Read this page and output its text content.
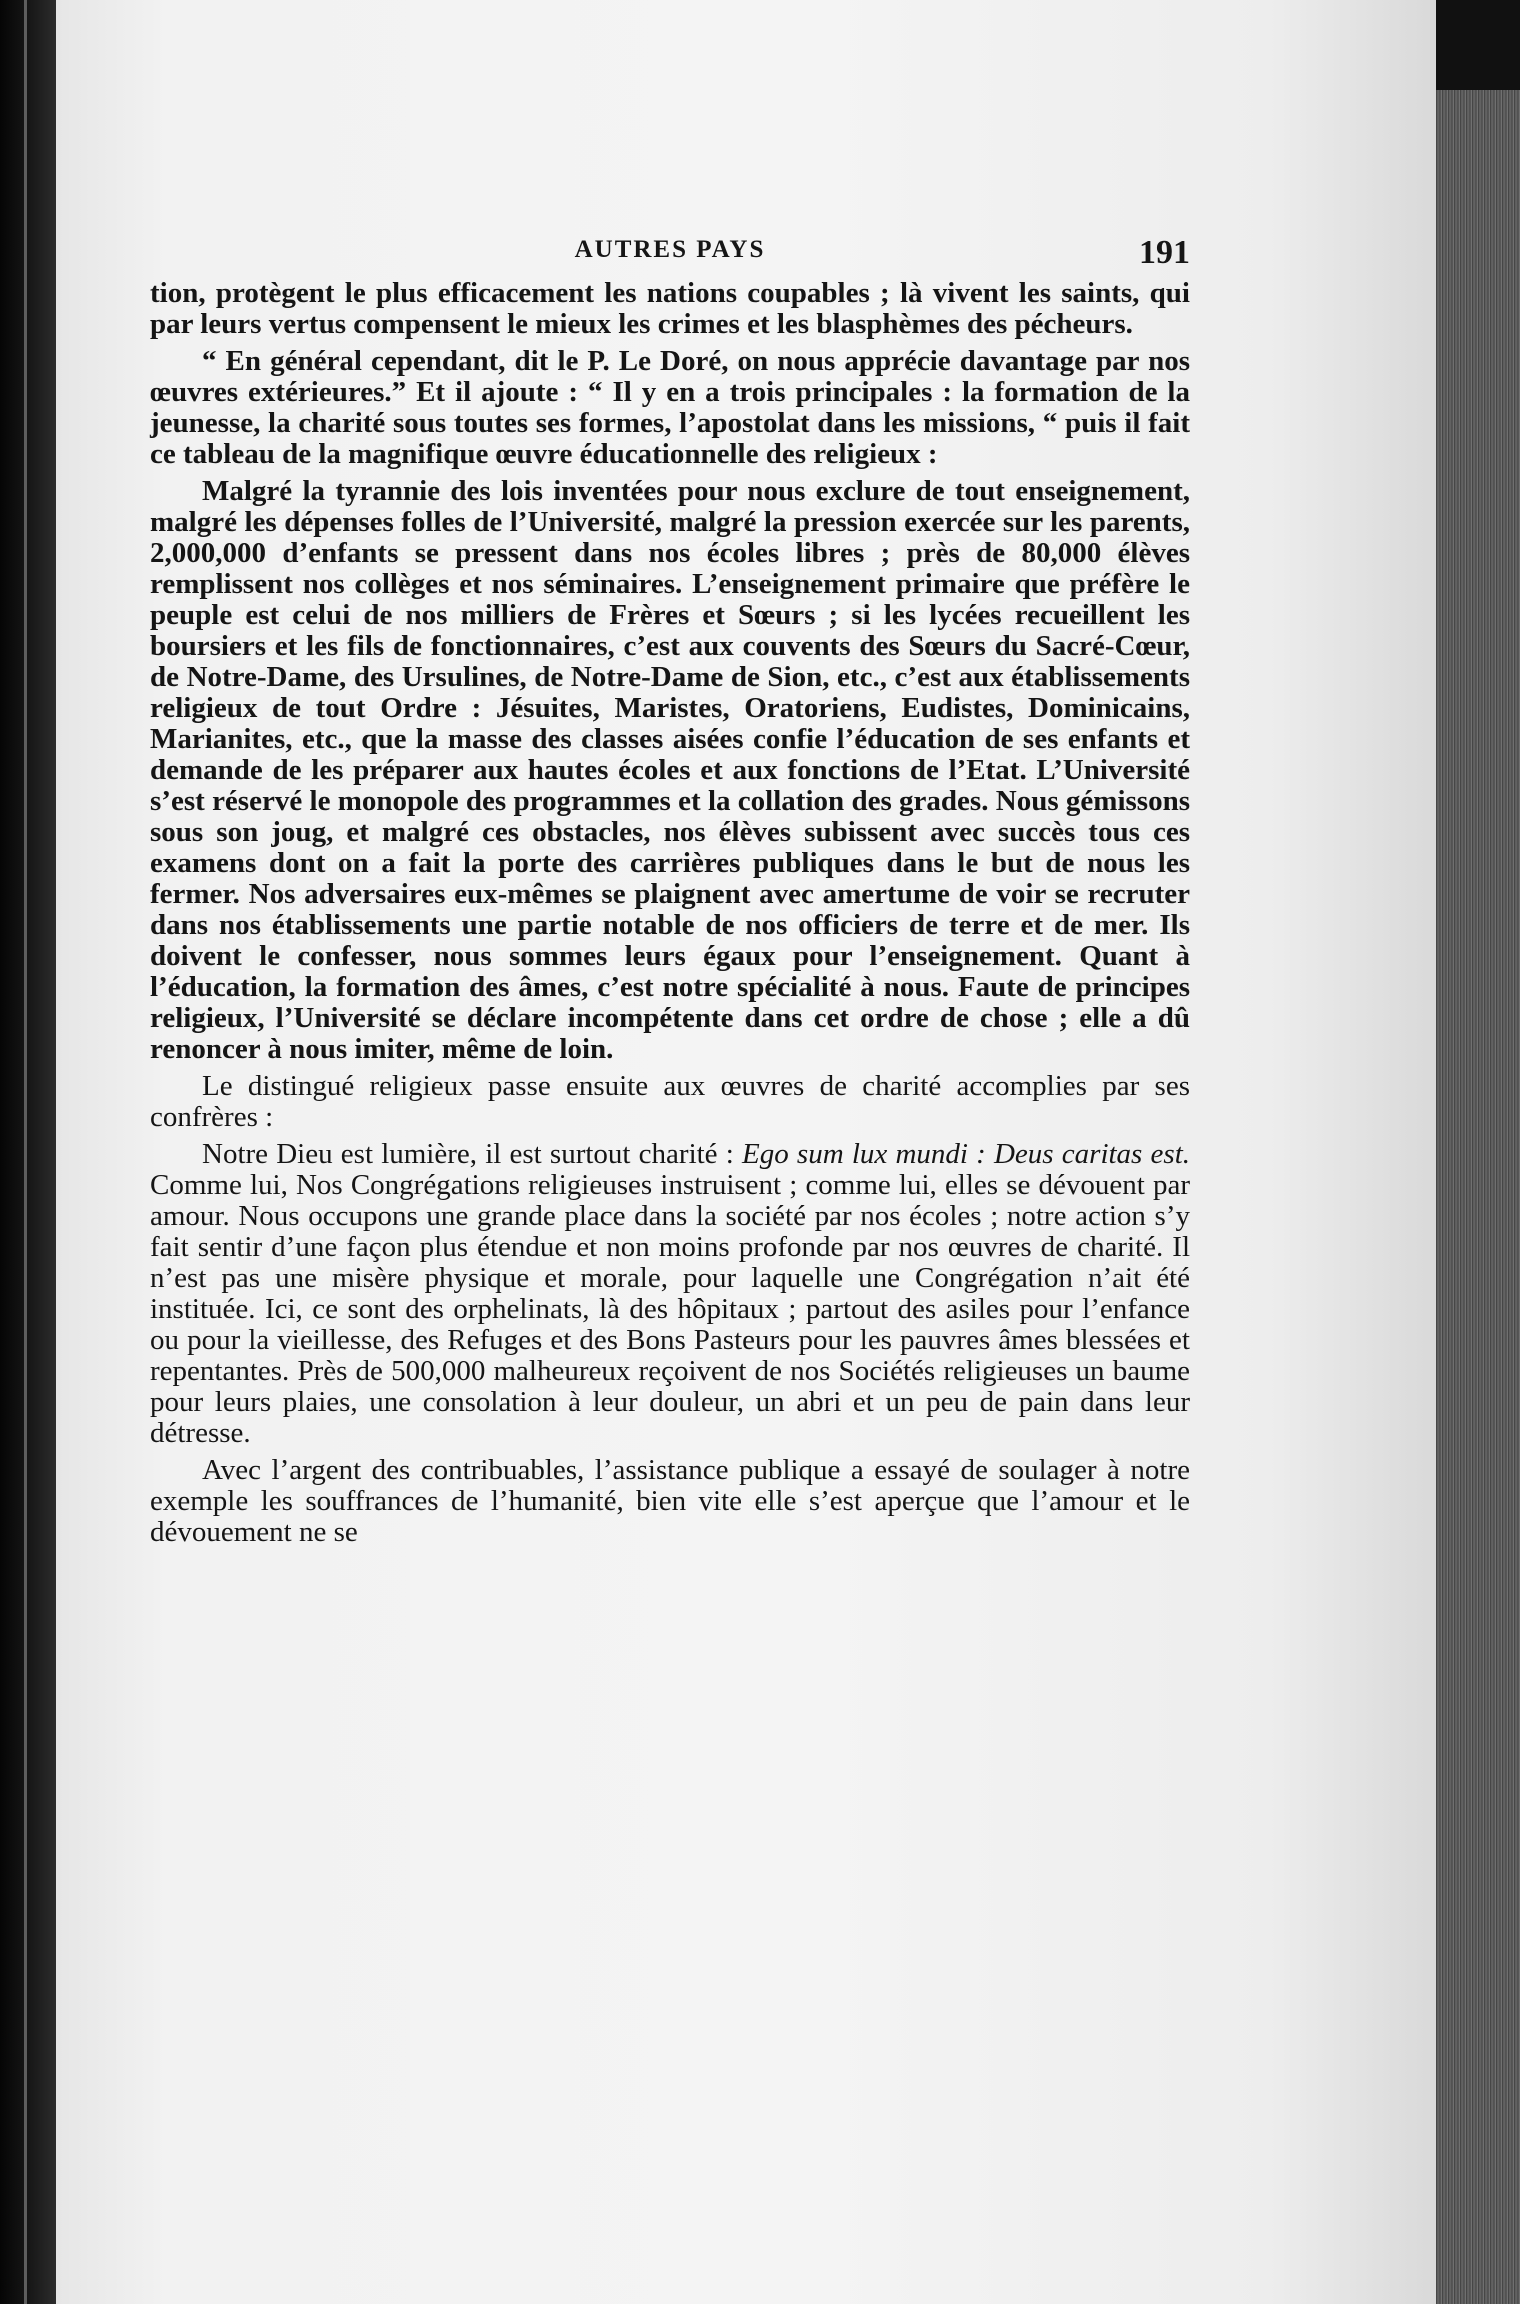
AUTRES PAYS	191

tion, protègent le plus efficacement les nations coupables ; là vivent les saints, qui par leurs vertus compensent le mieux les crimes et les blasphèmes des pécheurs.

“ En général cependant, dit le P. Le Doré, on nous apprécie davantage par nos œuvres extérieures.” Et il ajoute : “ Il y en a trois principales : la formation de la jeunesse, la charité sous toutes ses formes, l’apostolat dans les missions, “ puis il fait ce tableau de la magnifique œuvre éducationnelle des religieux :

Malgré la tyrannie des lois inventées pour nous exclure de tout enseignement, malgré les dépenses folles de l’Université, malgré la pression exercée sur les parents, 2,000,000 d’enfants se pressent dans nos écoles libres ; près de 80,000 élèves remplissent nos collèges et nos séminaires. L’enseignement primaire que préfère le peuple est celui de nos milliers de Frères et Sœurs ; si les lycées recueillent les boursiers et les fils de fonctionnaires, c’est aux couvents des Sœurs du Sacré-Cœur, de Notre-Dame, des Ursulines, de Notre-Dame de Sion, etc., c’est aux établissements religieux de tout Ordre : Jésuites, Maristes, Oratoriens, Eudistes, Dominicains, Marianites, etc., que la masse des classes aisées confie l’éducation de ses enfants et demande de les préparer aux hautes écoles et aux fonctions de l’Etat. L’Université s’est réservé le monopole des programmes et la collation des grades. Nous gémissons sous son joug, et malgré ces obstacles, nos élèves subissent avec succès tous ces examens dont on a fait la porte des carrières publiques dans le but de nous les fermer. Nos adversaires eux-mêmes se plaignent avec amertume de voir se recruter dans nos établissements une partie notable de nos officiers de terre et de mer. Ils doivent le confesser, nous sommes leurs égaux pour l’enseignement. Quant à l’éducation, la formation des âmes, c’est notre spécialité à nous. Faute de principes religieux, l’Université se déclare incompétente dans cet ordre de chose ; elle a dû renoncer à nous imiter, même de loin.

Le distingué religieux passe ensuite aux œuvres de charité accomplies par ses confrères :

Notre Dieu est lumière, il est surtout charité : Ego sum lux mundi : Deus caritas est. Comme lui, Nos Congrégations religieuses instruisent ; comme lui, elles se dévouent par amour. Nous occupons une grande place dans la société par nos écoles ; notre action s’y fait sentir d’une façon plus étendue et non moins profonde par nos œuvres de charité. Il n’est pas une misère physique et morale, pour laquelle une Congrégation n’ait été instituée. Ici, ce sont des orphelinats, là des hôpitaux ; partout des asiles pour l’enfance ou pour la vieillesse, des Refuges et des Bons Pasteurs pour les pauvres âmes blessées et repentantes. Près de 500,000 malheureux reçoivent de nos Sociétés religieuses un baume pour leurs plaies, une consolation à leur douleur, un abri et un peu de pain dans leur détresse.

Avec l’argent des contribuables, l’assistance publique a essayé de soulager à notre exemple les souffrances de l’humanité, bien vite elle s’est aperçue que l’amour et le dévouement ne se
